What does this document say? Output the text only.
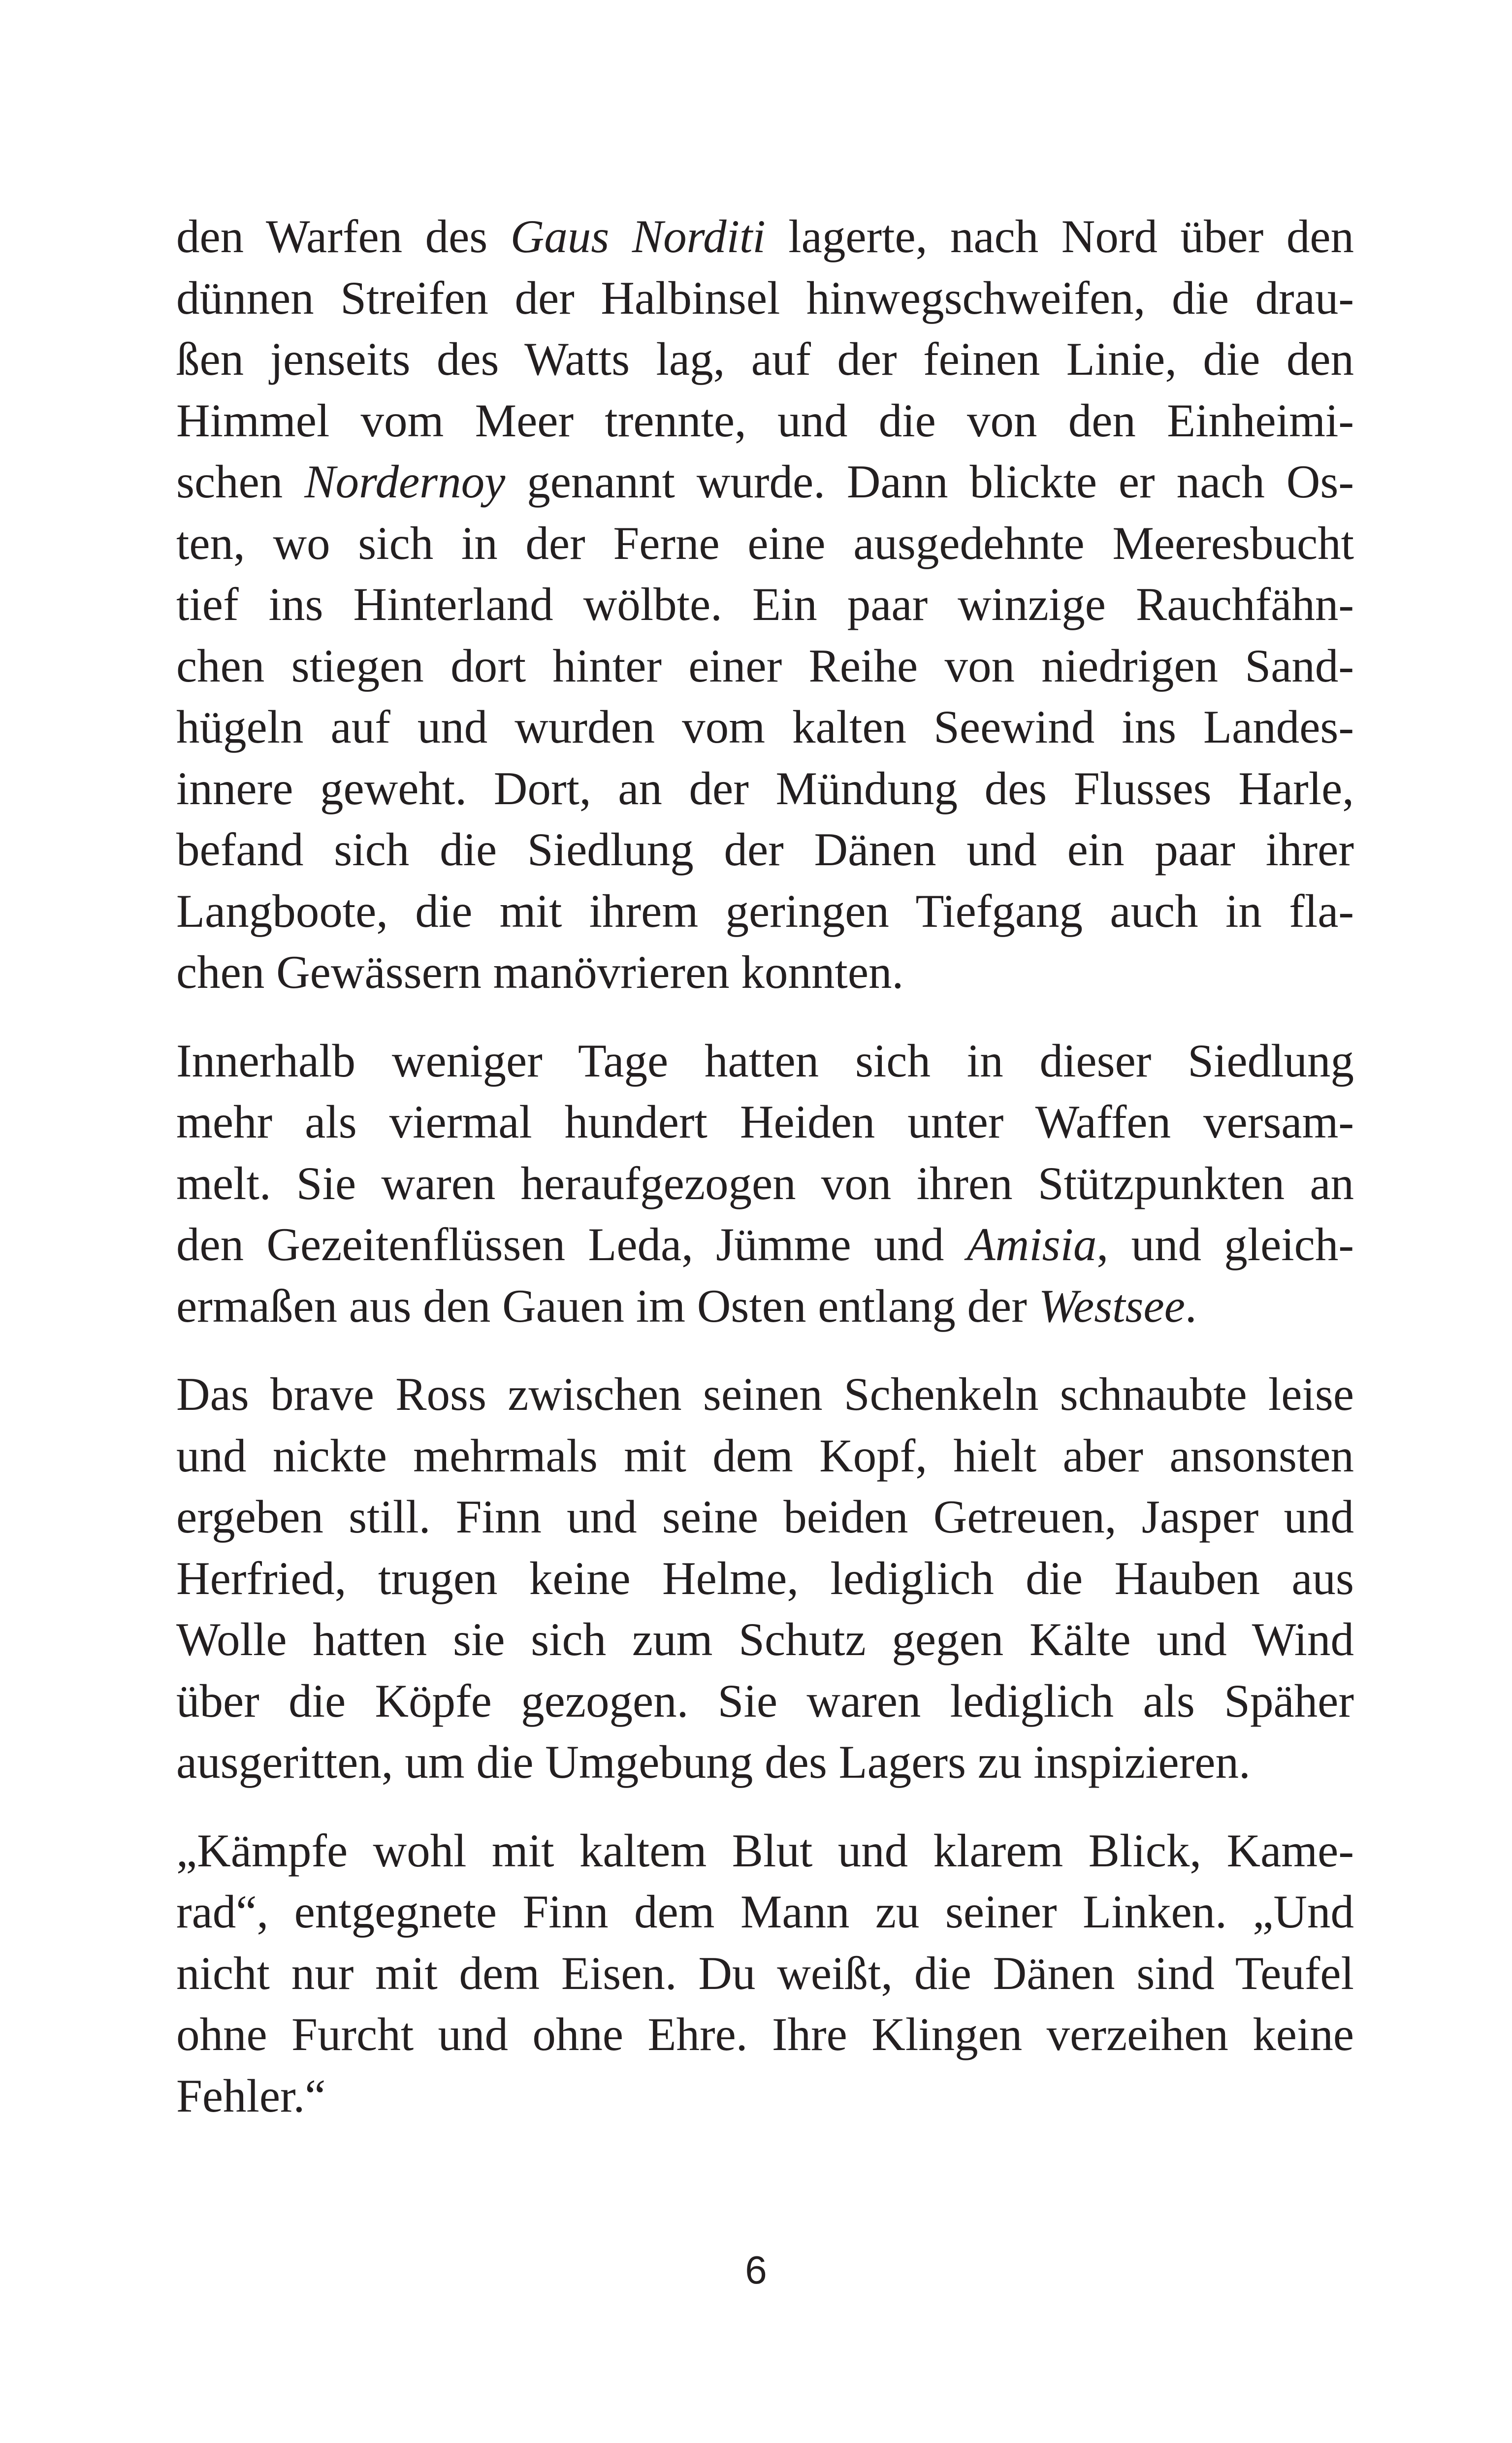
den Warfen des Gaus Norditi lagerte, nach Nord über den
dünnen Streifen der Halbinsel hinwegschweifen, die drau-
ßen jenseits des Watts lag, auf der feinen Linie, die den
Himmel vom Meer trennte, und die von den Einheimi-
schen Nordernoy genannt wurde. Dann blickte er nach Os-
ten, wo sich in der Ferne eine ausgedehnte Meeresbucht
tief ins Hinterland wölbte. Ein paar winzige Rauchfähn-
chen stiegen dort hinter einer Reihe von niedrigen Sand-
hügeln auf und wurden vom kalten Seewind ins Landes-
innere geweht. Dort, an der Mündung des Flusses Harle,
befand sich die Siedlung der Dänen und ein paar ihrer
Langboote, die mit ihrem geringen Tiefgang auch in fla-
chen Gewässern manövrieren konnten.
Innerhalb weniger Tage hatten sich in dieser Siedlung
mehr als viermal hundert Heiden unter Waffen versam-
melt. Sie waren heraufgezogen von ihren Stützpunkten an
den Gezeitenflüssen Leda, Jümme und Amisia, und gleich-
ermaßen aus den Gauen im Osten entlang der Westsee.
Das brave Ross zwischen seinen Schenkeln schnaubte leise
und nickte mehrmals mit dem Kopf, hielt aber ansonsten
ergeben still. Finn und seine beiden Getreuen, Jasper und
Herfried, trugen keine Helme, lediglich die Hauben aus
Wolle hatten sie sich zum Schutz gegen Kälte und Wind
über die Köpfe gezogen. Sie waren lediglich als Späher
ausgeritten, um die Umgebung des Lagers zu inspizieren.
„Kämpfe wohl mit kaltem Blut und klarem Blick, Kame-
rad“, entgegnete Finn dem Mann zu seiner Linken. „Und
nicht nur mit dem Eisen. Du weißt, die Dänen sind Teufel
ohne Furcht und ohne Ehre. Ihre Klingen verzeihen keine
Fehler.“
6
